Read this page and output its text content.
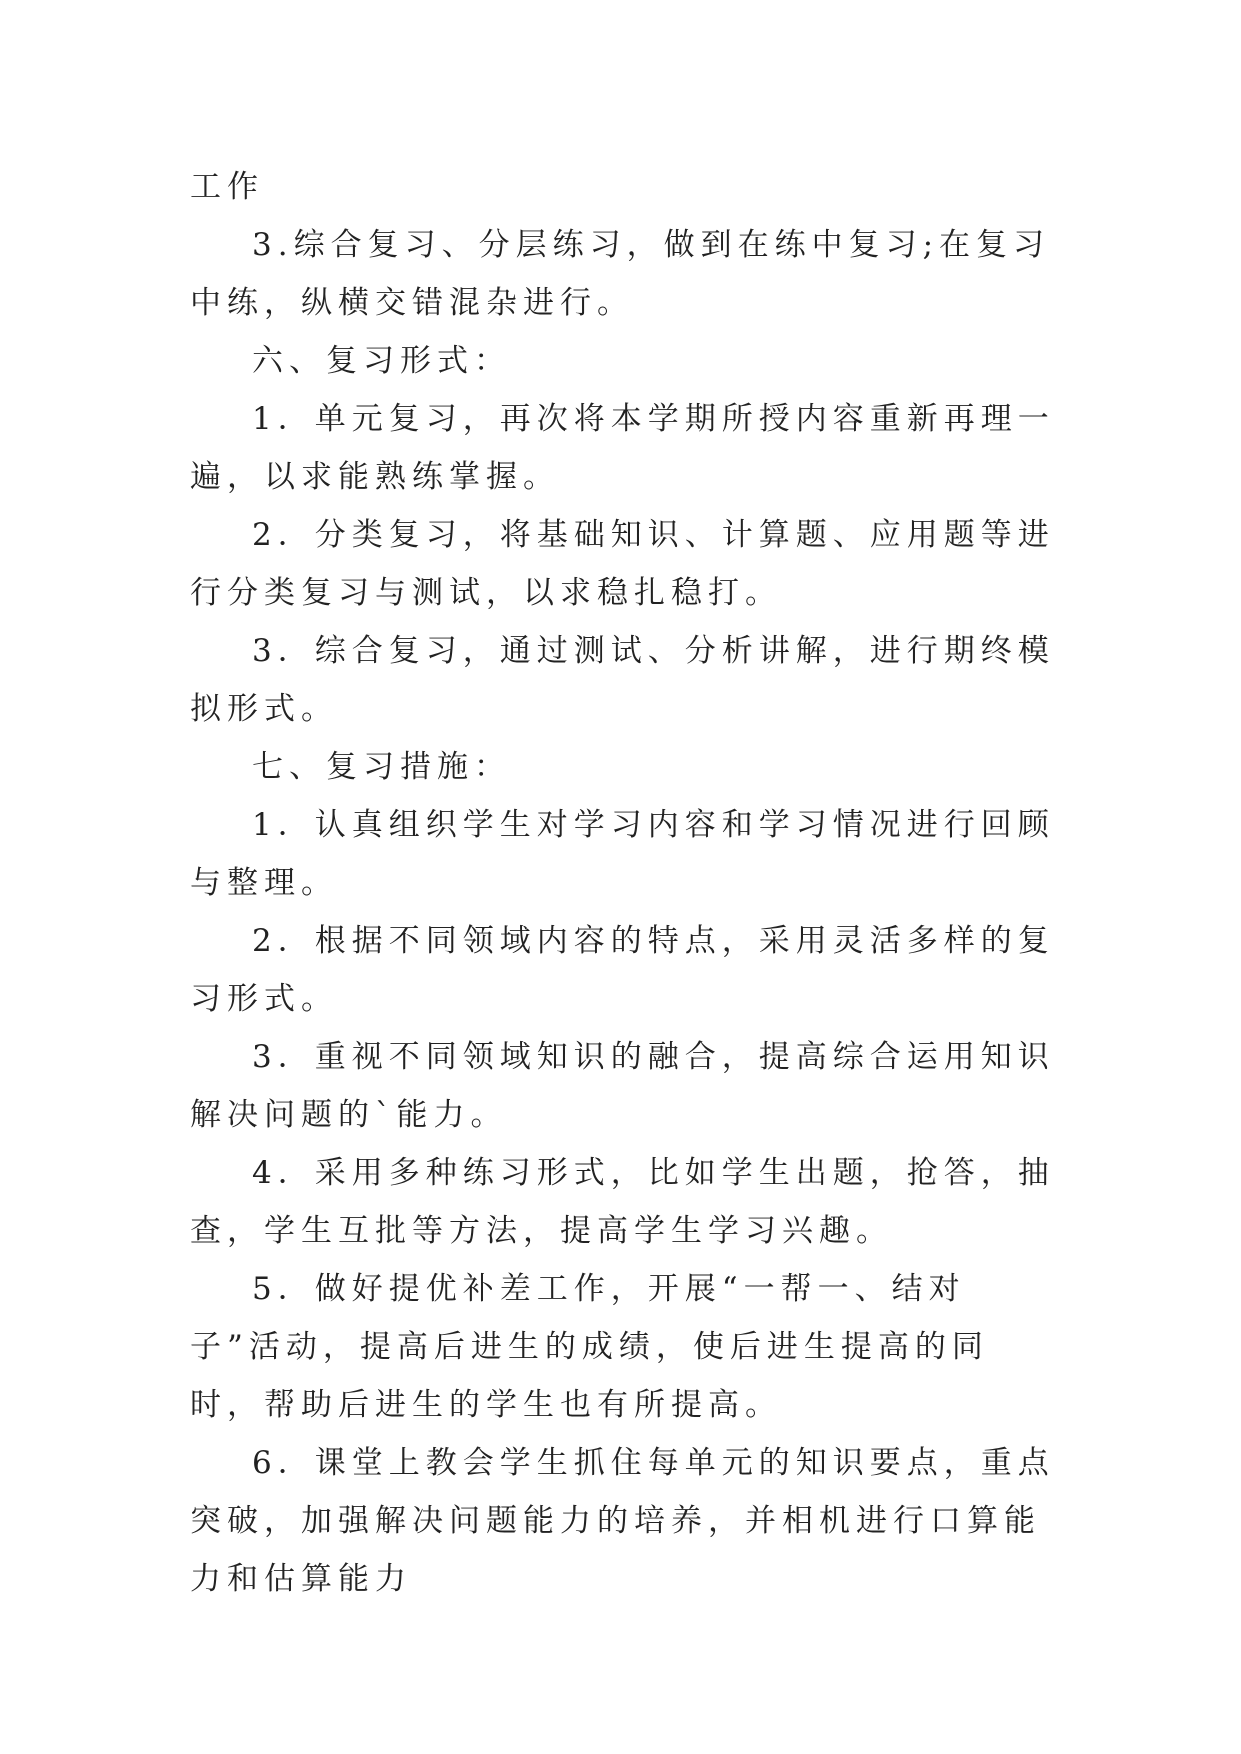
工作

3.综合复习、分层练习，做到在练中复习;在复习中练，纵横交错混杂进行。

六、复习形式：

1．单元复习，再次将本学期所授内容重新再理一遍，以求能熟练掌握。

2．分类复习，将基础知识、计算题、应用题等进行分类复习与测试，以求稳扎稳打。

3．综合复习，通过测试、分析讲解，进行期终模拟形式。

七、复习措施：

1．认真组织学生对学习内容和学习情况进行回顾与整理。

2．根据不同领域内容的特点，采用灵活多样的复习形式。

3．重视不同领域知识的融合，提高综合运用知识解决问题的`能力。

4．采用多种练习形式，比如学生出题，抢答，抽查，学生互批等方法，提高学生学习兴趣。

5．做好提优补差工作，开展“一帮一、结对子”活动，提高后进生的成绩，使后进生提高的同时，帮助后进生的学生也有所提高。

6．课堂上教会学生抓住每单元的知识要点，重点突破，加强解决问题能力的培养，并相机进行口算能力和估算能力
